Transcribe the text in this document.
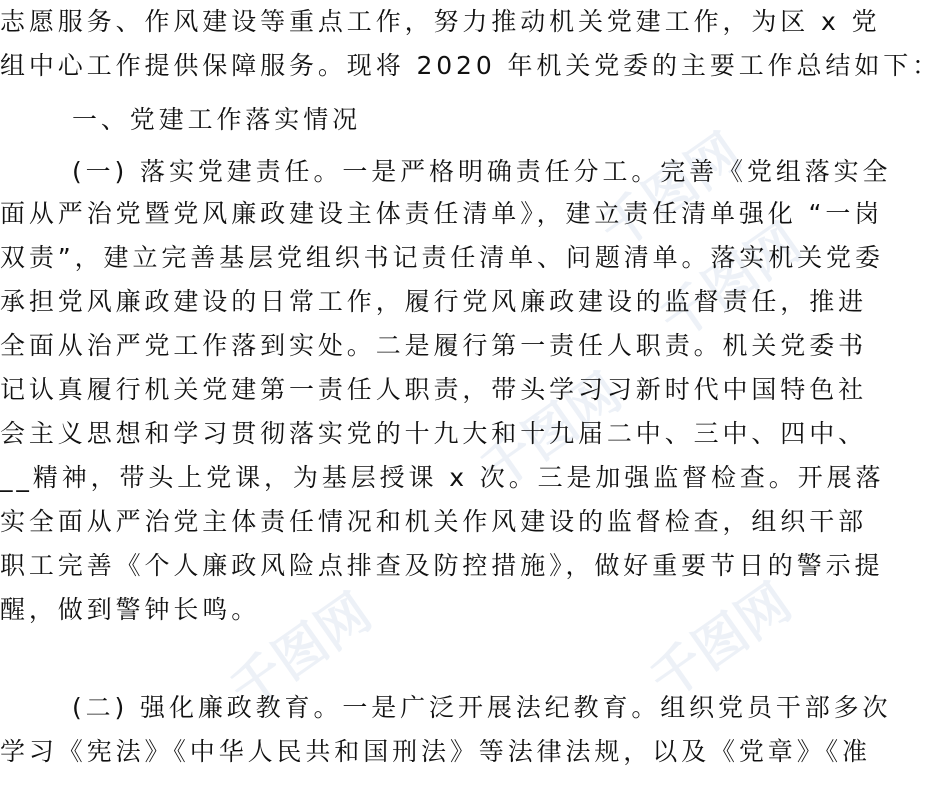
千图网
千图网
千图网
千图网	千图网
志愿服务、作风建设等重点工作，努力推动机关党建工作，为区 x 党
组中心工作提供保障服务。现将 2020 年机关党委的主要工作总结如下：
一、党建工作落实情况
(一) 落实党建责任。一是严格明确责任分工。完善《党组落实全
面从严治党暨党风廉政建设主体责任清单》，建立责任清单强化 “一岗
双责”，建立完善基层党组织书记责任清单、问题清单。落实机关党委
承担党风廉政建设的日常工作，履行党风廉政建设的监督责任，推进
全面从治严党工作落到实处。二是履行第一责任人职责。机关党委书
记认真履行机关党建第一责任人职责，带头学习习新时代中国特色社
会主义思想和学习贯彻落实党的十九大和十九届二中、三中、四中、
__精神，带头上党课，为基层授课 x 次。三是加强监督检查。开展落
实全面从严治党主体责任情况和机关作风建设的监督检查，组织干部
职工完善《个人廉政风险点排查及防控措施》，做好重要节日的警示提
醒，做到警钟长鸣。
(二) 强化廉政教育。一是广泛开展法纪教育。组织党员干部多次
学习《宪法》《中华人民共和国刑法》等法律法规，以及《党章》《准
